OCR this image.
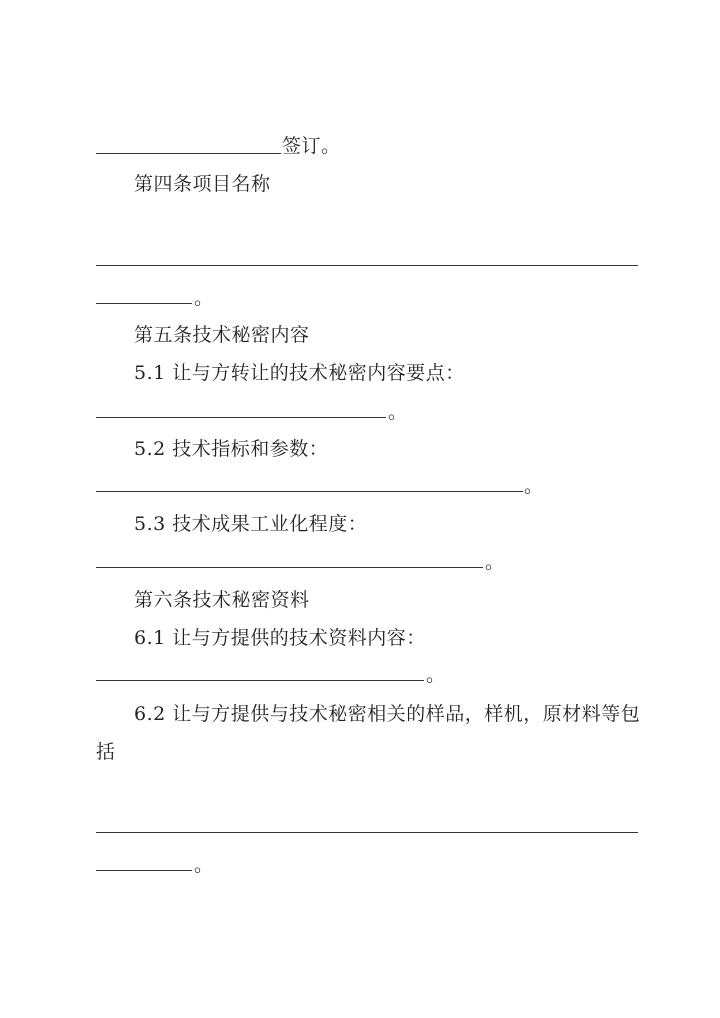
签订。
第四条项目名称
。
第五条技术秘密内容
5.1 让与方转让的技术秘密内容要点：
。
5.2 技术指标和参数：
。
5.3 技术成果工业化程度：
。
第六条技术秘密资料
6.1 让与方提供的技术资料内容：
。
6.2 让与方提供与技术秘密相关的样品，样机，原材料等包
括
。
